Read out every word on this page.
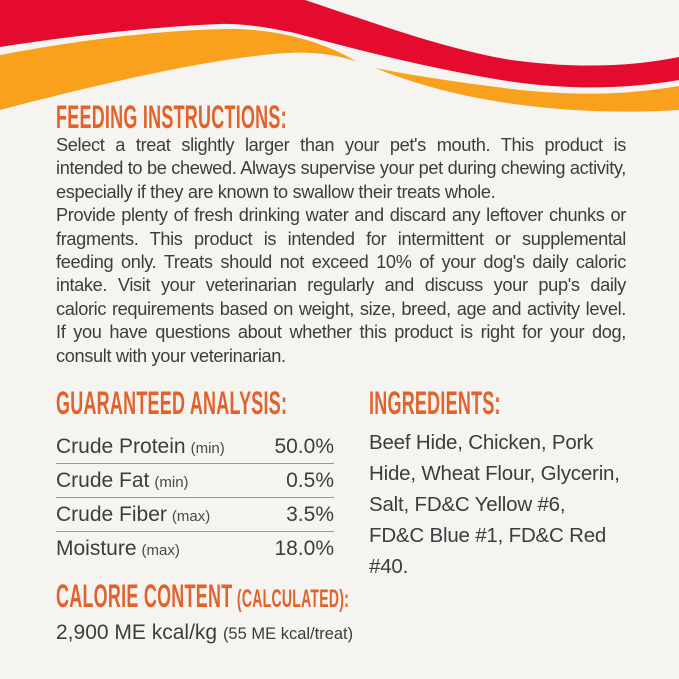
FEEDING INSTRUCTIONS:

Select a treat slightly larger than your pet's mouth. This product is intended to be chewed. Always supervise your pet during chewing activity, especially if they are known to swallow their treats whole.

Provide plenty of fresh drinking water and discard any leftover chunks or fragments. This product is intended for intermittent or supplemental feeding only. Treats should not exceed 10% of your dog's daily caloric intake. Visit your veterinarian regularly and discuss your pup's daily caloric requirements based on weight, size, breed, age and activity level. If you have questions about whether this product is right for your dog, consult with your veterinarian.

GUARANTEED ANALYSIS:
Crude Protein (min) 50.0%
Crude Fat (min)	0.5%
Crude Fiber (max)	3.5%
Moisture (max)	18.0%
CALORIE CONTENT (CALCULATED):
2,900 ME kcal/kg (55 ME kcal/treat)
INGREDIENTS:

Beef Hide, Chicken, Pork Hide, Wheat Flour, Glycerin, Salt, FD&C Yellow #6, FD&C Blue #1, FD&C Red #40.
